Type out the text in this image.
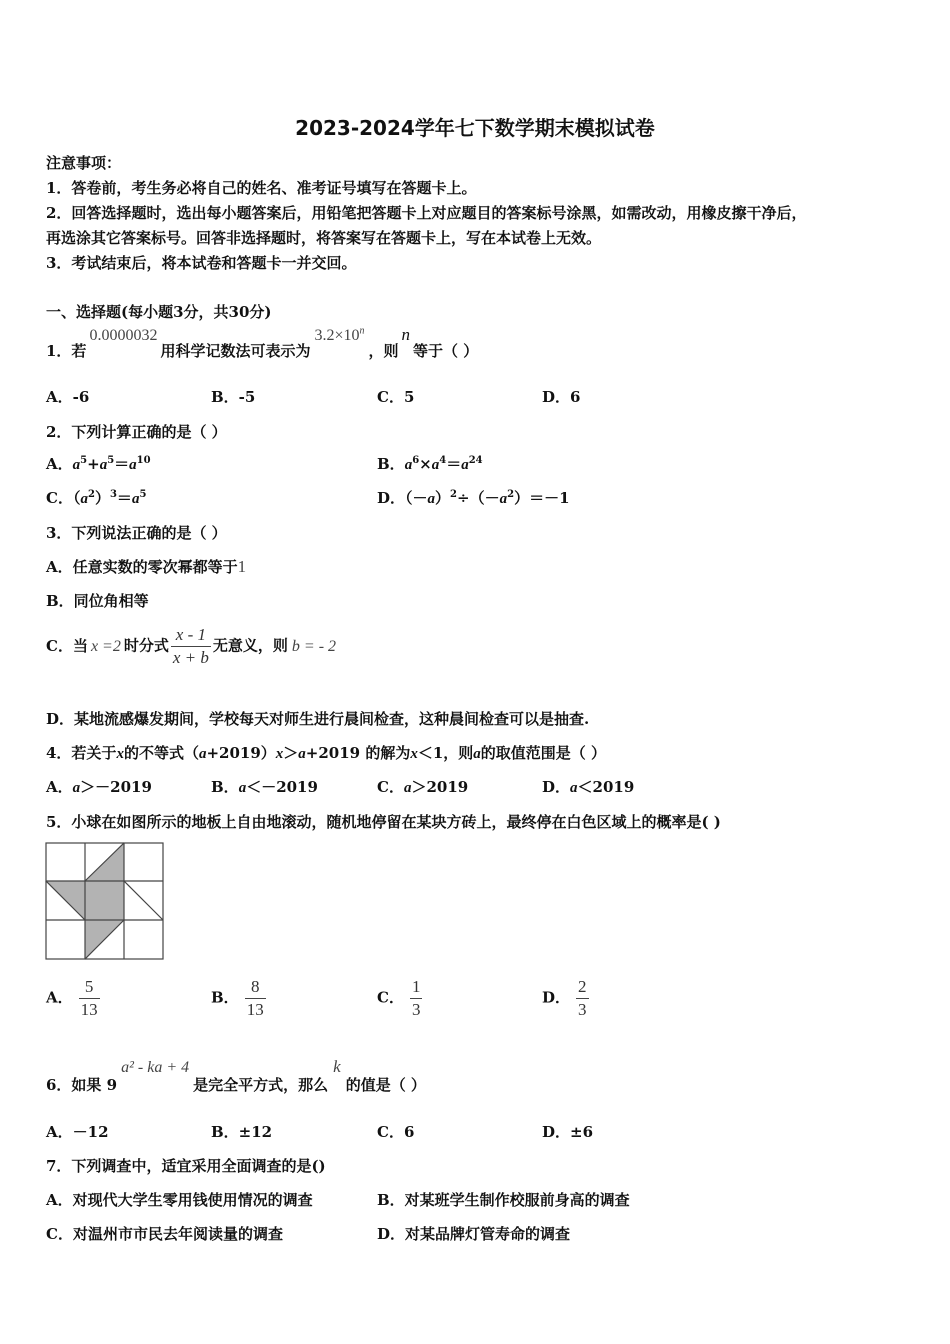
2023-2024学年七下数学期末模拟试卷
注意事项：
1．答卷前，考生务必将自己的姓名、准考证号填写在答题卡上。
2．回答选择题时，选出每小题答案后，用铅笔把答题卡上对应题目的答案标号涂黑，如需改动，用橡皮擦干净后，
再选涂其它答案标号。回答非选择题时，将答案写在答题卡上，写在本试卷上无效。
3．考试结束后，将本试卷和答题卡一并交回。
一、选择题(每小题3分，共30分)
1．若0.0000032用科学记数法可表示为$3.2\times 10^n$，则n等于（ ）
A．-6	B．-5	C．5	D．6
2．下列计算正确的是（ ）
A．$a^5+a^5=a^{10}$	B．$a^6\times a^4=a^{24}$
C．$(a^2)^3=a^5$	D．$(-a)^2\div(-a^2)=-1$
3．下列说法正确的是（ ）
A．任意实数的零次幂都等于1
B．同位角相等
C．当 x =2 时分式 $\frac{x - 1}{x + b}$ 无意义，则 b = - 2
D．某地流感爆发期间，学校每天对师生进行晨间检查，这种晨间检查可以是抽查.
4．若关于x的不等式（a+2019）x＞a+2019 的解为x＜1，则a的取值范围是（ ）
A．a＞－2019	B．a＜－2019	C．a＞2019	D．a＜2019
5．小球在如图所示的地板上自由地滚动，随机地停留在某块方砖上，最终停在白色区域上的概率是( )
A． $\frac{5}{13}$	B． $\frac{8}{13}$	C． $\frac{1}{3}$	D． $\frac{2}{3}$
6．如果 9a² - ka + 4是完全平方式，那么k的值是（ ）
A．－12	B．±12	C．6	D．±6
7．下列调查中，适宜采用全面调查的是()
A．对现代大学生零用钱使用情况的调查	B．对某班学生制作校服前身高的调查
C．对温州市市民去年阅读量的调查	D．对某品牌灯管寿命的调查
